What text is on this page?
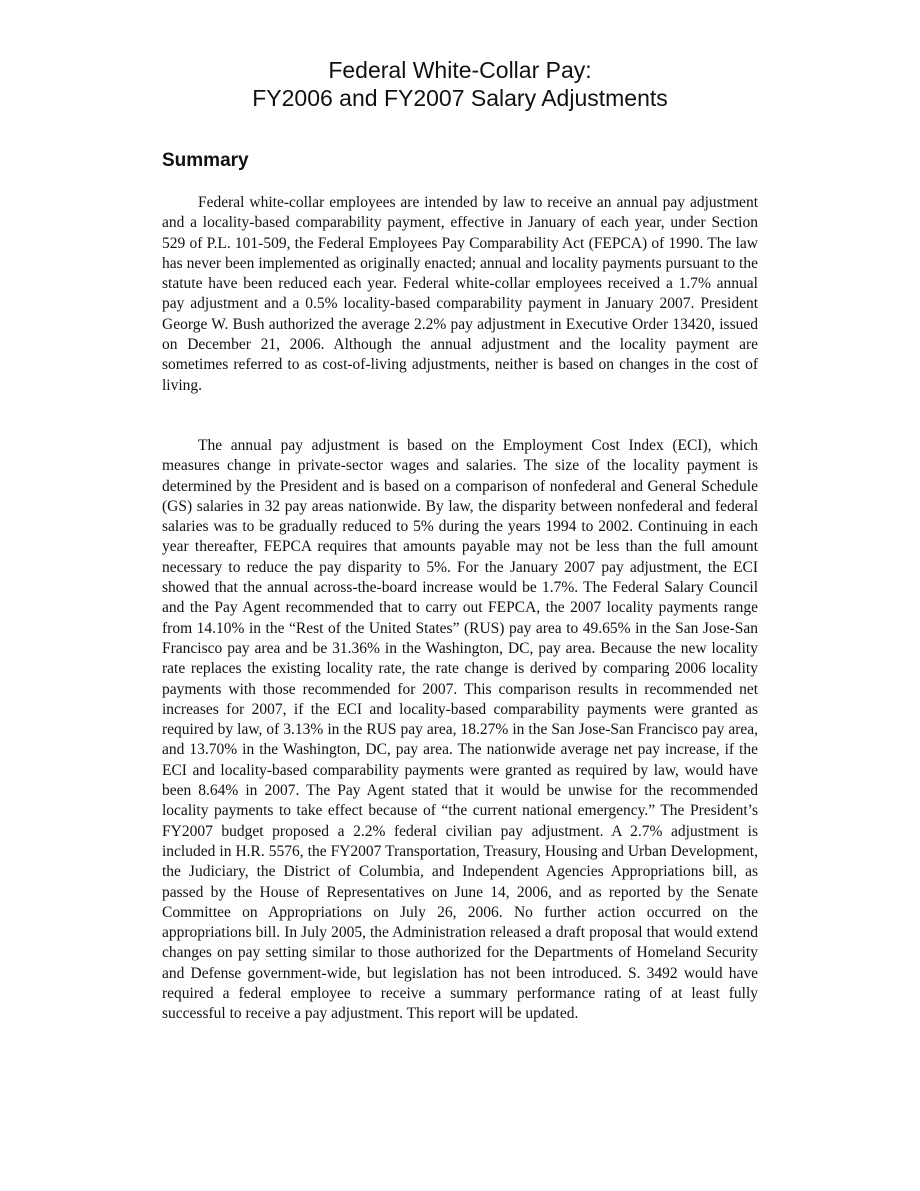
Federal White-Collar Pay:
FY2006 and FY2007 Salary Adjustments
Summary

Federal white-collar employees are intended by law to receive an annual pay adjustment and a locality-based comparability payment, effective in January of each year, under Section 529 of P.L. 101-509, the Federal Employees Pay Comparability Act (FEPCA) of 1990. The law has never been implemented as originally enacted; annual and locality payments pursuant to the statute have been reduced each year. Federal white-collar employees received a 1.7% annual pay adjustment and a 0.5% locality-based comparability payment in January 2007. President George W. Bush authorized the average 2.2% pay adjustment in Executive Order 13420, issued on December 21, 2006. Although the annual adjustment and the locality payment are sometimes referred to as cost-of-living adjustments, neither is based on changes in the cost of living.

The annual pay adjustment is based on the Employment Cost Index (ECI), which measures change in private-sector wages and salaries. The size of the locality payment is determined by the President and is based on a comparison of nonfederal and General Schedule (GS) salaries in 32 pay areas nationwide. By law, the disparity between nonfederal and federal salaries was to be gradually reduced to 5% during the years 1994 to 2002. Continuing in each year thereafter, FEPCA requires that amounts payable may not be less than the full amount necessary to reduce the pay disparity to 5%. For the January 2007 pay adjustment, the ECI showed that the annual across-the-board increase would be 1.7%. The Federal Salary Council and the Pay Agent recommended that to carry out FEPCA, the 2007 locality payments range from 14.10% in the “Rest of the United States” (RUS) pay area to 49.65% in the San Jose-San Francisco pay area and be 31.36% in the Washington, DC, pay area. Because the new locality rate replaces the existing locality rate, the rate change is derived by comparing 2006 locality payments with those recommended for 2007. This comparison results in recommended net increases for 2007, if the ECI and locality-based comparability payments were granted as required by law, of 3.13% in the RUS pay area, 18.27% in the San Jose-San Francisco pay area, and 13.70% in the Washington, DC, pay area. The nationwide average net pay increase, if the ECI and locality-based comparability payments were granted as required by law, would have been 8.64% in 2007. The Pay Agent stated that it would be unwise for the recommended locality payments to take effect because of “the current national emergency.” The President’s FY2007 budget proposed a 2.2% federal civilian pay adjustment. A 2.7% adjustment is included in H.R. 5576, the FY2007 Transportation, Treasury, Housing and Urban Development, the Judiciary, the District of Columbia, and Independent Agencies Appropriations bill, as passed by the House of Representatives on June 14, 2006, and as reported by the Senate Committee on Appropriations on July 26, 2006. No further action occurred on the appropriations bill. In July 2005, the Administration released a draft proposal that would extend changes on pay setting similar to those authorized for the Departments of Homeland Security and Defense government-wide, but legislation has not been introduced. S. 3492 would have required a federal employee to receive a summary performance rating of at least fully successful to receive a pay adjustment. This report will be updated.
